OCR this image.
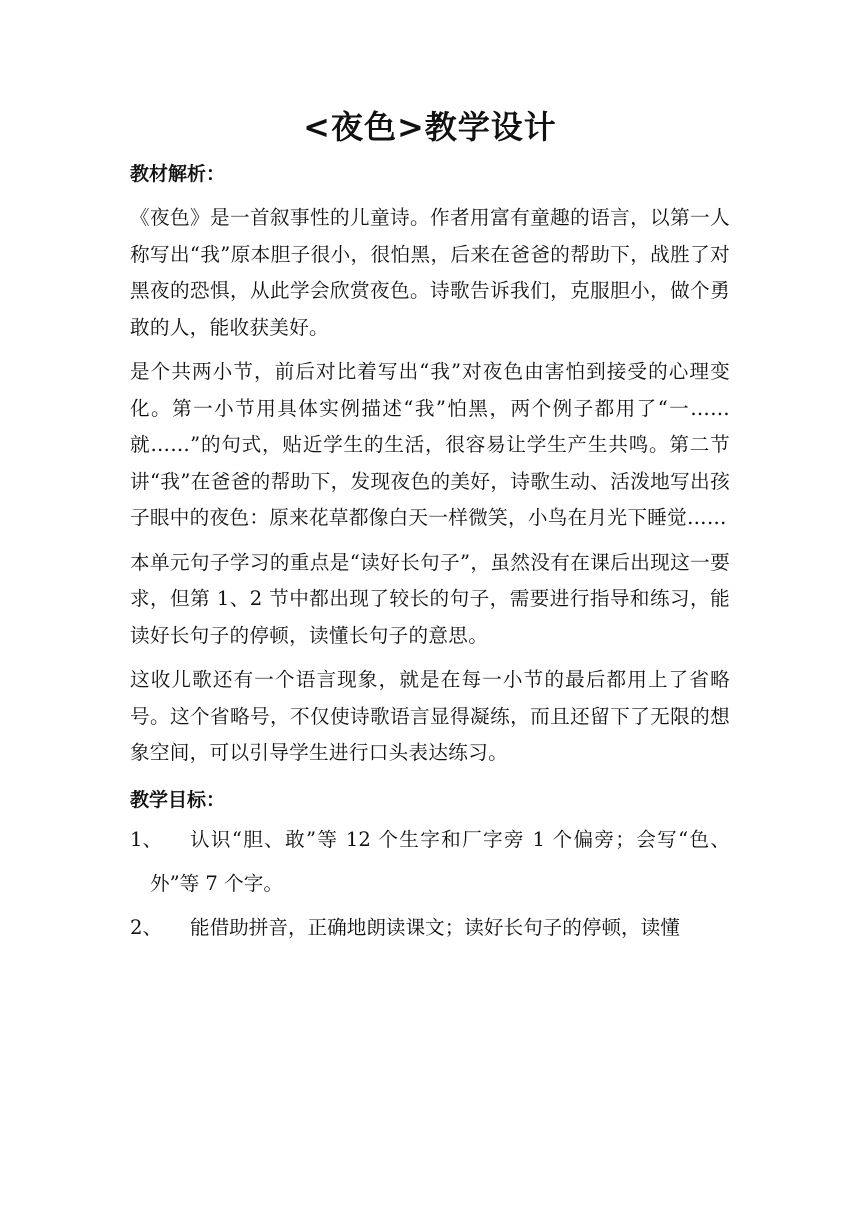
<夜色>教学设计

教材解析：

《夜色》是一首叙事性的儿童诗。作者用富有童趣的语言，以第一人称写出“我”原本胆子很小，很怕黑，后来在爸爸的帮助下，战胜了对黑夜的恐惧，从此学会欣赏夜色。诗歌告诉我们，克服胆小，做个勇敢的人，能收获美好。

是个共两小节，前后对比着写出“我”对夜色由害怕到接受的心理变化。第一小节用具体实例描述“我”怕黑，两个例子都用了“一……就……”的句式，贴近学生的生活，很容易让学生产生共鸣。第二节讲“我”在爸爸的帮助下，发现夜色的美好，诗歌生动、活泼地写出孩子眼中的夜色：原来花草都像白天一样微笑，小鸟在月光下睡觉……

本单元句子学习的重点是“读好长句子”，虽然没有在课后出现这一要求，但第 1、2 节中都出现了较长的句子，需要进行指导和练习，能读好长句子的停顿，读懂长句子的意思。

这收儿歌还有一个语言现象，就是在每一小节的最后都用上了省略号。这个省略号，不仅使诗歌语言显得凝练，而且还留下了无限的想象空间，可以引导学生进行口头表达练习。

教学目标：

1、	认识“胆、敢”等 12 个生字和厂字旁 1 个偏旁；会写“色、外”等 7 个字。
2、	能借助拼音，正确地朗读课文；读好长句子的停顿，读懂
